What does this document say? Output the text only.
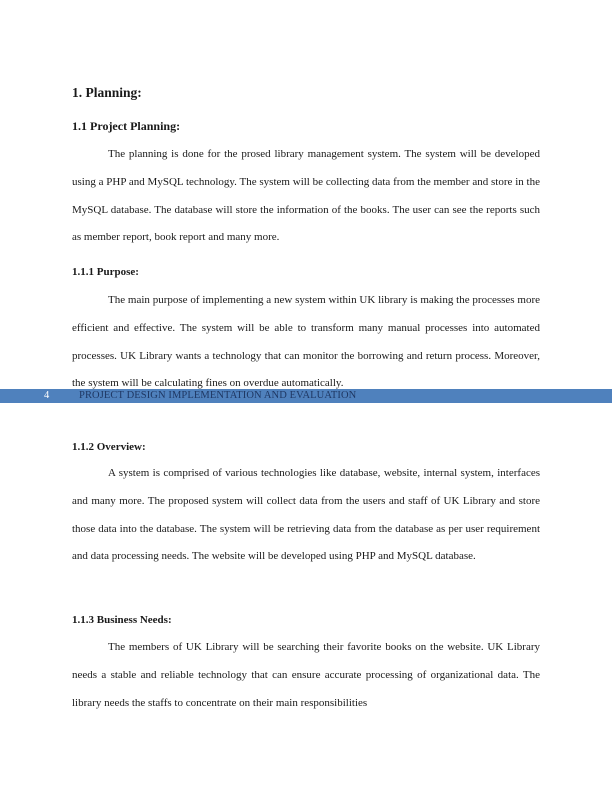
1. Planning:
1.1 Project Planning:

The planning is done for the prosed library management system. The system will be developed using a PHP and MySQL technology. The system will be collecting data from the member and store in the MySQL database. The database will store the information of the books. The user can see the reports such as member report, book report and many more.

1.1.1 Purpose:

The main purpose of implementing a new system within UK library is making the processes more efficient and effective. The system will be able to transform many manual processes into automated processes. UK Library wants a technology that can monitor the borrowing and return process. Moreover, the system will be calculating fines on overdue automatically.

4	PROJECT DESIGN IMPLEMENTATION AND EVALUATION
1.1.2 Overview:

A system is comprised of various technologies like database, website, internal system, interfaces and many more. The proposed system will collect data from the users and staff of UK Library and store those data into the database. The system will be retrieving data from the database as per user requirement and data processing needs. The website will be developed using PHP and MySQL database.

1.1.3 Business Needs:

The members of UK Library will be searching their favorite books on the website. UK Library needs a stable and reliable technology that can ensure accurate processing of organizational data. The library needs the staffs to concentrate on their main responsibilities
